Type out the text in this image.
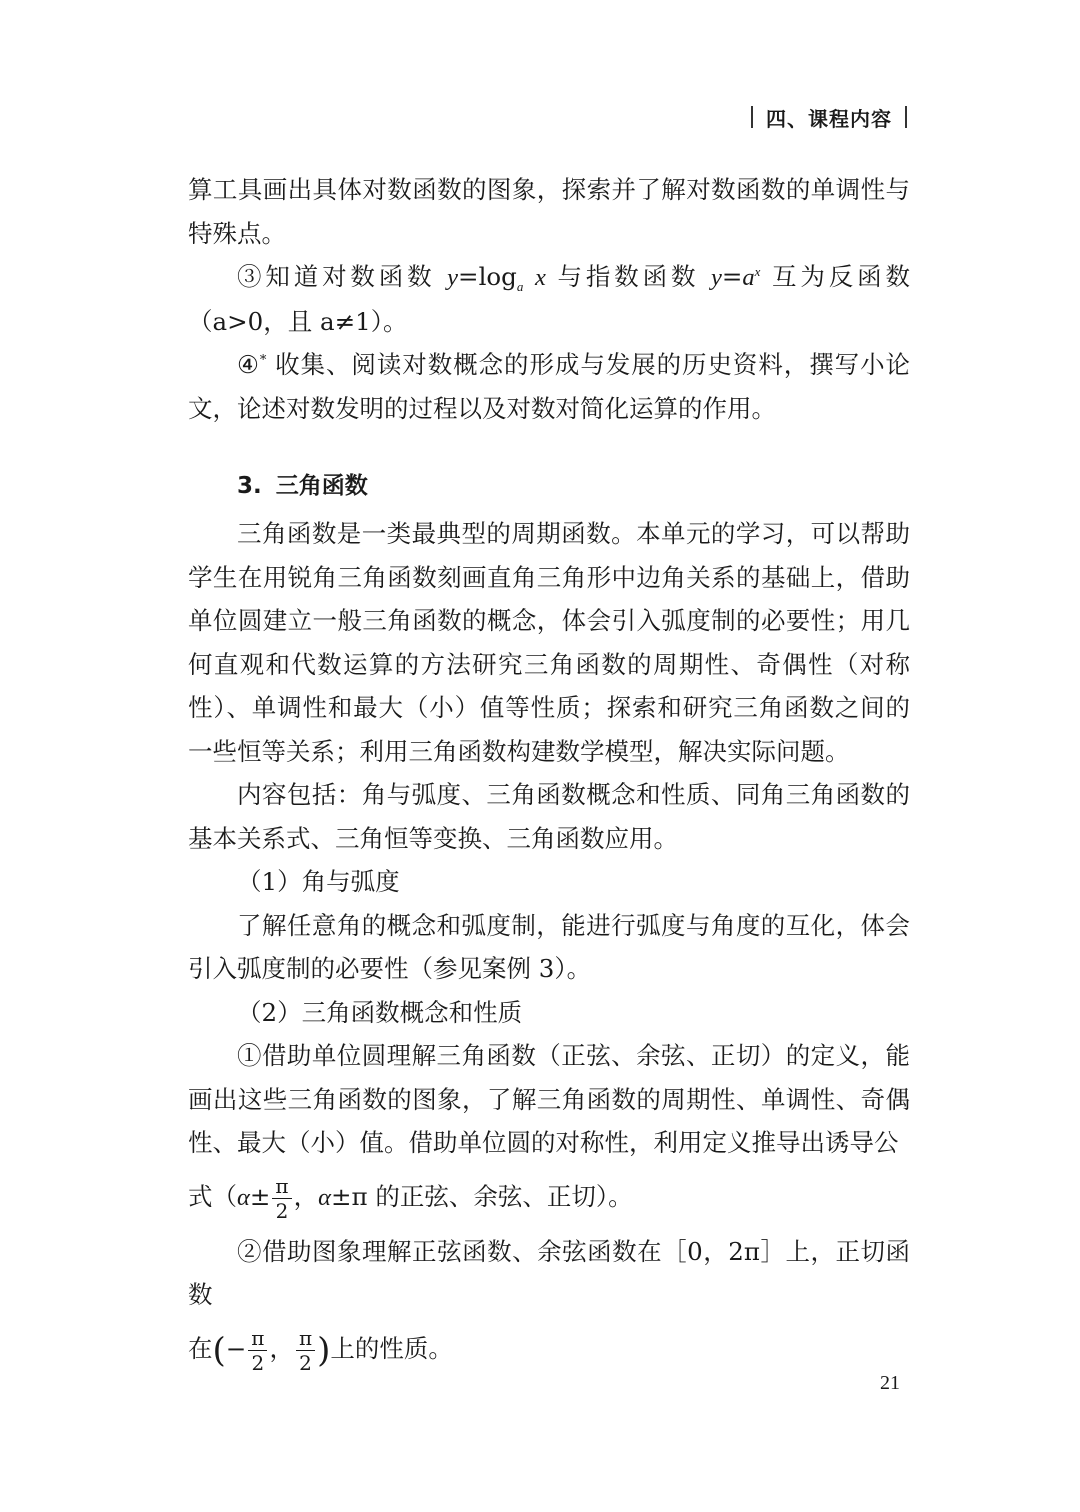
四、课程内容

算工具画出具体对数函数的图象，探索并了解对数函数的单调性与特殊点。

③知道对数函数 $y=\log_a$ x 与指数函数 $y=a^x$ 互为反函数（a>0，且 a≠1）。

④* 收集、阅读对数概念的形成与发展的历史资料，撰写小论文，论述对数发明的过程以及对数对简化运算的作用。

3. 三角函数

三角函数是一类最典型的周期函数。本单元的学习，可以帮助学生在用锐角三角函数刻画直角三角形中边角关系的基础上，借助单位圆建立一般三角函数的概念，体会引入弧度制的必要性；用几何直观和代数运算的方法研究三角函数的周期性、奇偶性（对称性）、单调性和最大（小）值等性质；探索和研究三角函数之间的一些恒等关系；利用三角函数构建数学模型，解决实际问题。

内容包括：角与弧度、三角函数概念和性质、同角三角函数的基本关系式、三角恒等变换、三角函数应用。

（1）角与弧度

了解任意角的概念和弧度制，能进行弧度与角度的互化，体会引入弧度制的必要性（参见案例 3）。

（2）三角函数概念和性质

①借助单位圆理解三角函数（正弦、余弦、正切）的定义，能画出这些三角函数的图象，了解三角函数的周期性、单调性、奇偶性、最大（小）值。借助单位圆的对称性，利用定义推导出诱导公

式（$\alpha\pm \frac{\pi}{2}$ ，α±π 的正弦、余弦、正切）。

②借助图象理解正弦函数、余弦函数在［0，2π］上，正切函数

在(− $\frac{\pi}{2}$ ， $\frac{\pi}{2}$ )上的性质。

21
